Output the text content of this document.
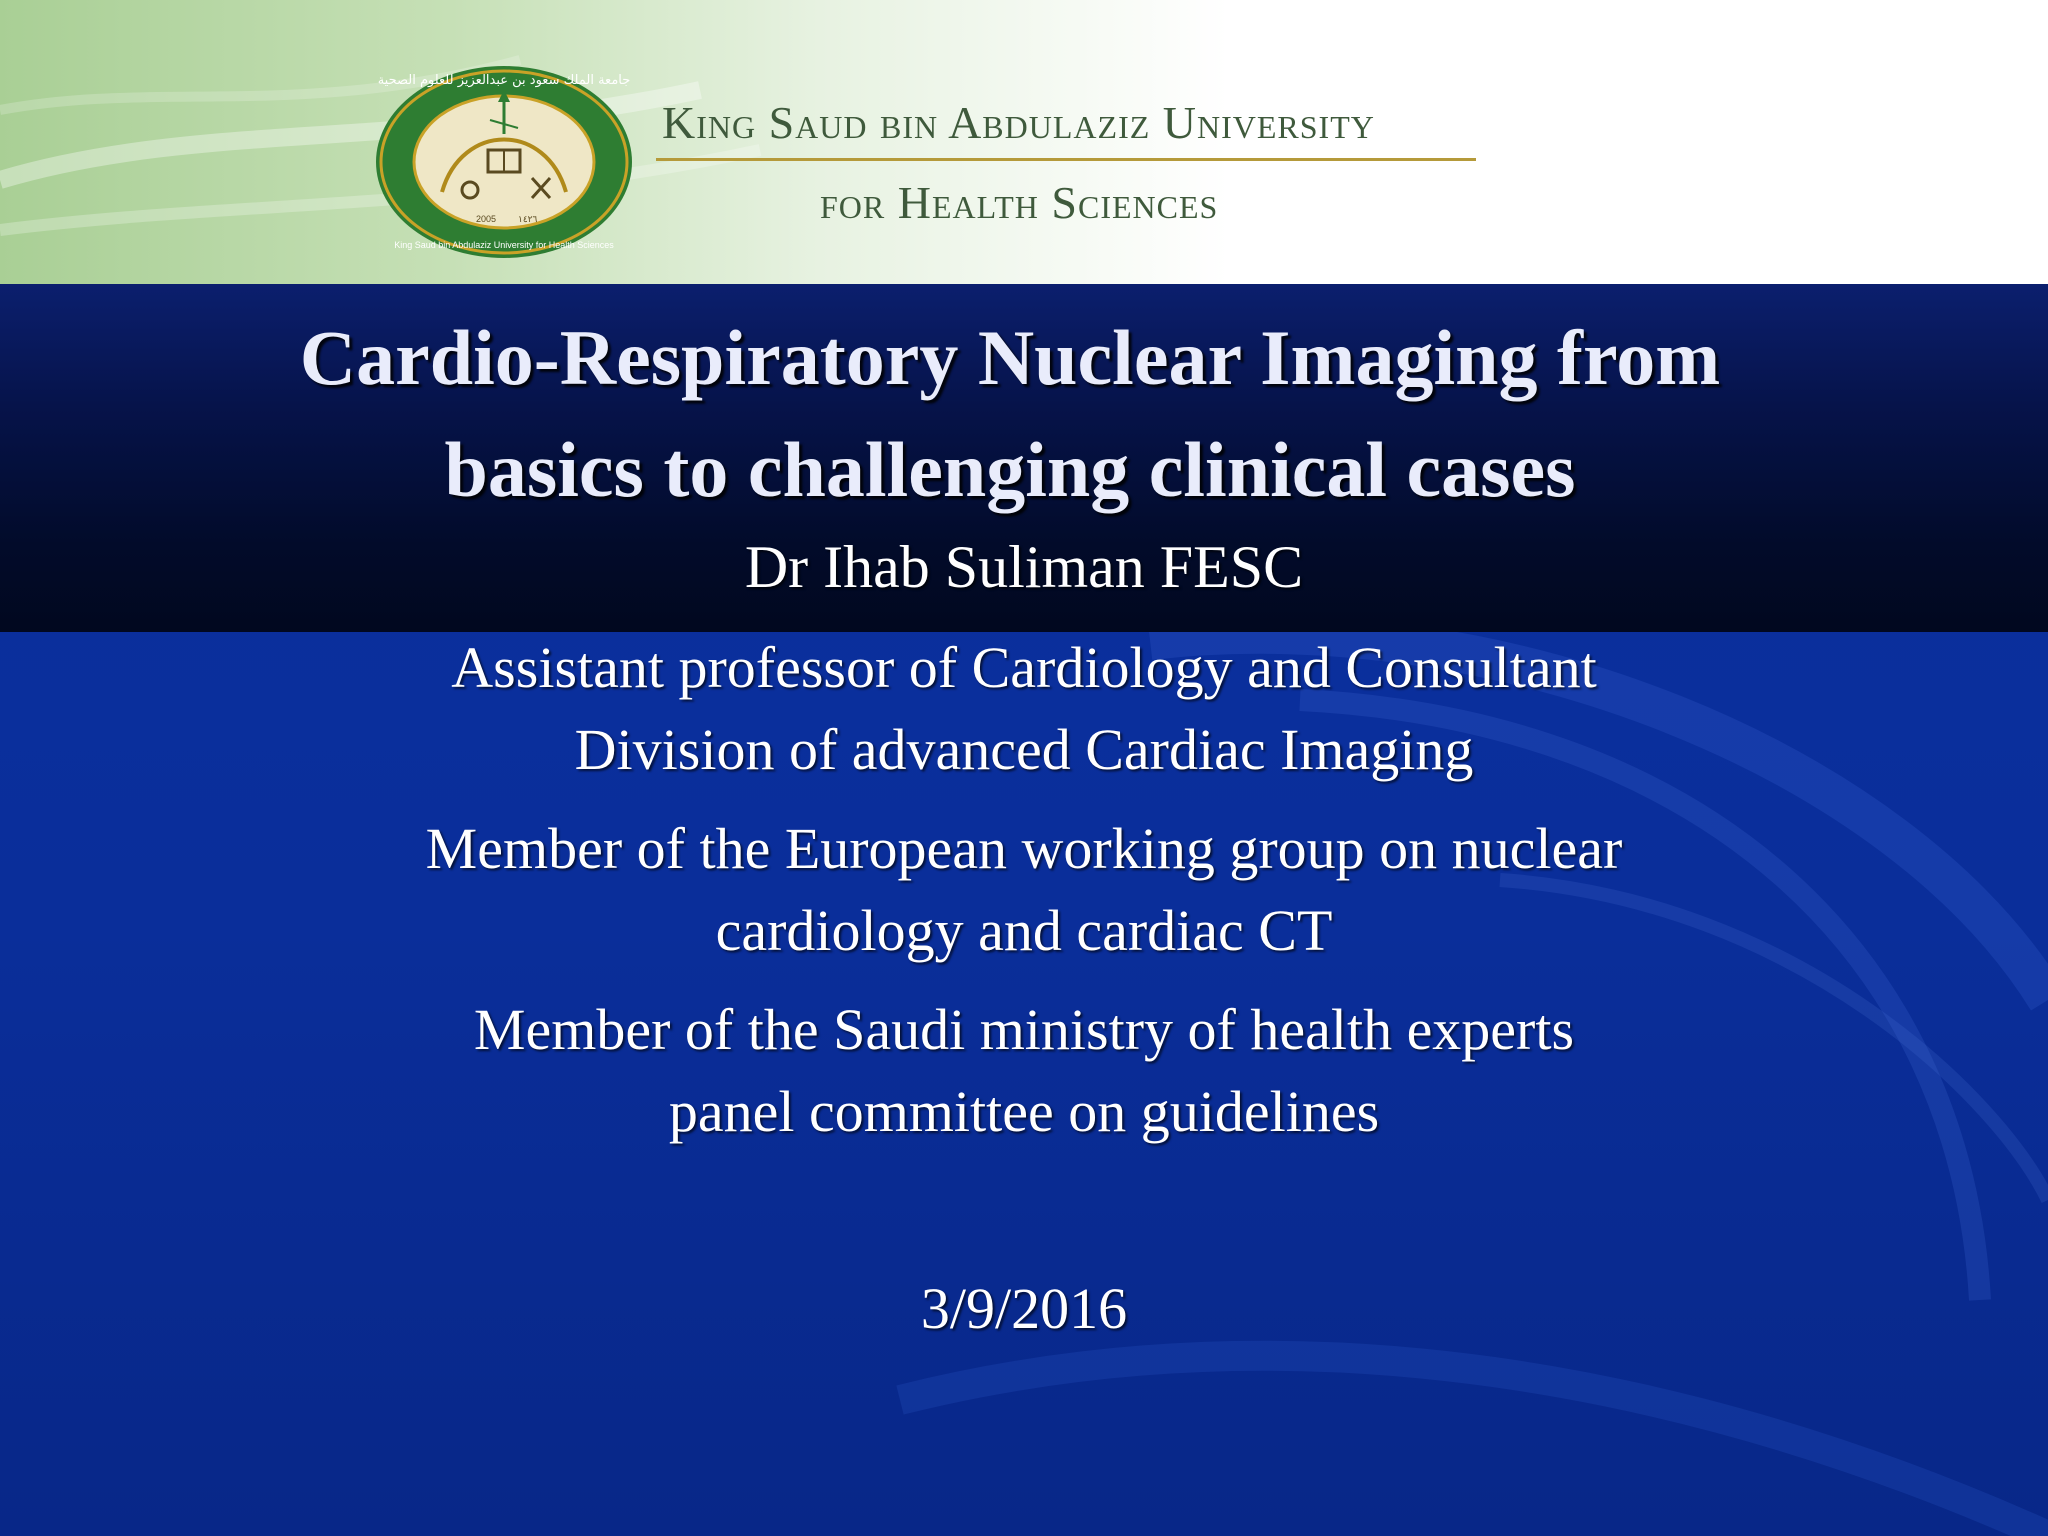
2005 ١٤٢٦
جامعة الملك سعود بن عبدالعزيز للعلوم الصحية
King Saud bin Abdulaziz University for Health Sciences
King Saud bin Abdulaziz University
for Health Sciences
Cardio-Respiratory Nuclear Imaging from
basics to challenging clinical cases
Dr Ihab Suliman FESC

Assistant professor of Cardiology and Consultant
Division of advanced Cardiac Imaging

Member of the European working group on nuclear
cardiology and cardiac CT

Member of the Saudi ministry of health experts
panel committee on guidelines

3/9/2016
